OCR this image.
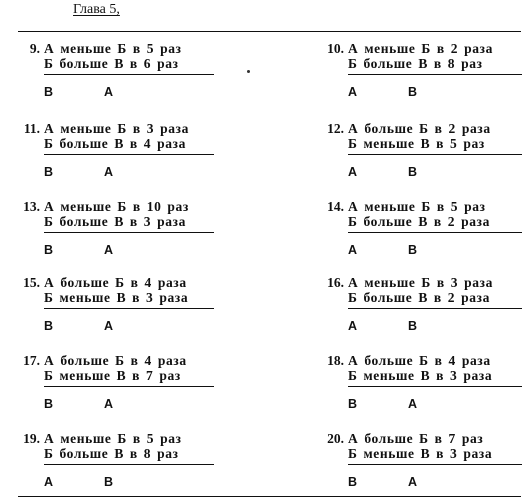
Глава 5,
9. А меньше Б в 5 раз
Б больше В в 6 раз
В	А
11. А меньше Б в 3 раза
Б больше В в 4 раза
В	А
13. А меньше Б в 10 раз
Б больше В в 3 раза
В	А
15. А больше Б в 4 раза
Б меньше В в 3 раза
В	А
17. А больше Б в 4 раза
Б меньше В в 7 раз
В	А
19. А меньше Б в 5 раз
Б больше В в 8 раз
А	В
10. А меньше Б в 2 раза
Б больше В в 8 раз
А	В
12. А больше Б в 2 раза
Б меньше В в 5 раз
А	В
14. А меньше Б в 5 раз
Б больше В в 2 раза
А	В
16. А меньше Б в 3 раза
Б больше В в 2 раза
А	В
18. А больше Б в 4 раза
Б меньше В в 3 раза
В	А
20. А больше Б в 7 раз
Б меньше В в 3 раза
В	А
